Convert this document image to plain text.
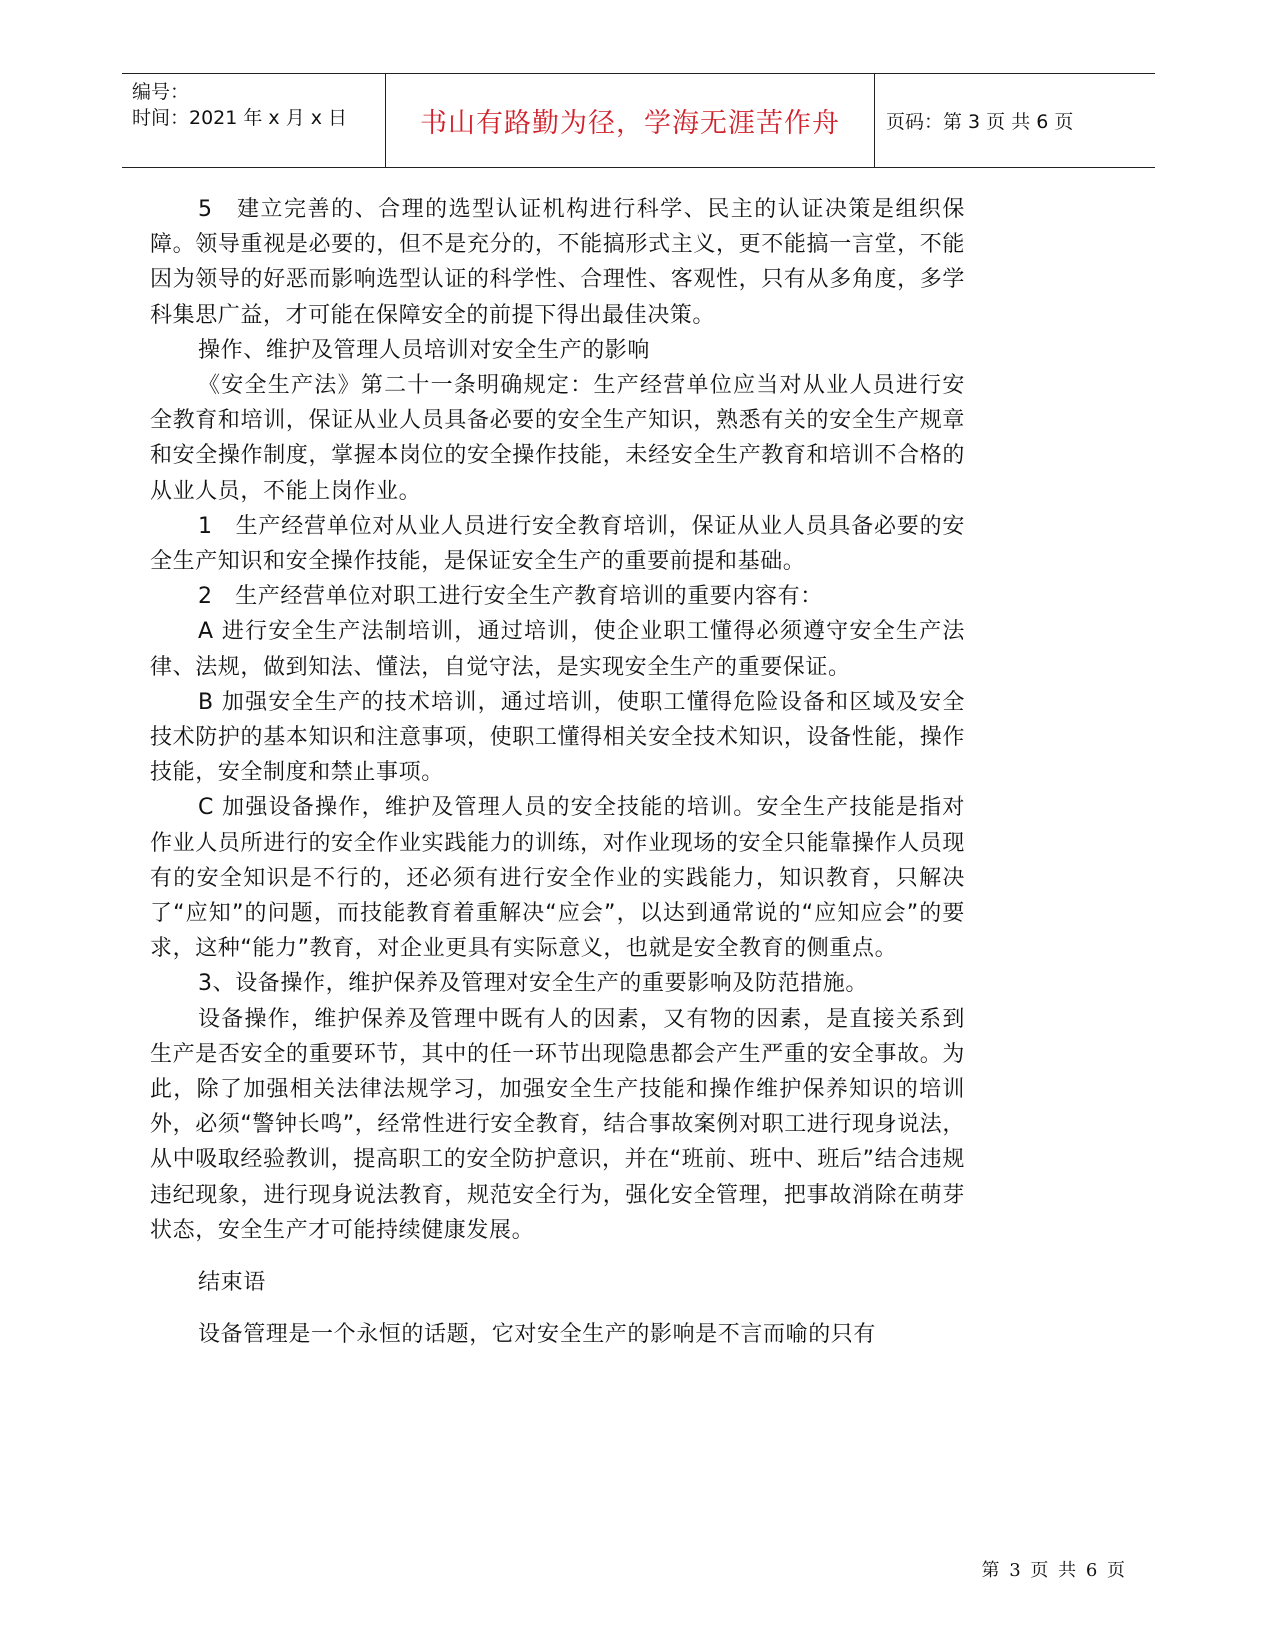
编号：
时间：2021 年 x 月 x 日	书山有路勤为径，学海无涯苦作舟 页码：第 3 页 共 6 页

5　建立完善的、合理的选型认证机构进行科学、民主的认证决策是组织保障。领导重视是必要的，但不是充分的，不能搞形式主义，更不能搞一言堂，不能因为领导的好恶而影响选型认证的科学性、合理性、客观性，只有从多角度，多学科集思广益，才可能在保障安全的前提下得出最佳决策。

操作、维护及管理人员培训对安全生产的影响

《安全生产法》第二十一条明确规定：生产经营单位应当对从业人员进行安全教育和培训，保证从业人员具备必要的安全生产知识，熟悉有关的安全生产规章和安全操作制度，掌握本岗位的安全操作技能，未经安全生产教育和培训不合格的从业人员，不能上岗作业。

1　生产经营单位对从业人员进行安全教育培训，保证从业人员具备必要的安全生产知识和安全操作技能，是保证安全生产的重要前提和基础。

2　生产经营单位对职工进行安全生产教育培训的重要内容有：

A 进行安全生产法制培训，通过培训，使企业职工懂得必须遵守安全生产法律、法规，做到知法、懂法，自觉守法，是实现安全生产的重要保证。

B 加强安全生产的技术培训，通过培训，使职工懂得危险设备和区域及安全技术防护的基本知识和注意事项，使职工懂得相关安全技术知识，设备性能，操作技能，安全制度和禁止事项。

C 加强设备操作，维护及管理人员的安全技能的培训。安全生产技能是指对作业人员所进行的安全作业实践能力的训练，对作业现场的安全只能靠操作人员现有的安全知识是不行的，还必须有进行安全作业的实践能力，知识教育，只解决了“应知”的问题，而技能教育着重解决“应会”，以达到通常说的“应知应会”的要求，这种“能力”教育，对企业更具有实际意义，也就是安全教育的侧重点。

3、设备操作，维护保养及管理对安全生产的重要影响及防范措施。

设备操作，维护保养及管理中既有人的因素，又有物的因素，是直接关系到生产是否安全的重要环节，其中的任一环节出现隐患都会产生严重的安全事故。为此，除了加强相关法律法规学习，加强安全生产技能和操作维护保养知识的培训外，必须“警钟长鸣”，经常性进行安全教育，结合事故案例对职工进行现身说法，从中吸取经验教训，提高职工的安全防护意识，并在“班前、班中、班后”结合违规违纪现象，进行现身说法教育，规范安全行为，强化安全管理，把事故消除在萌芽状态，安全生产才可能持续健康发展。

结束语

设备管理是一个永恒的话题，它对安全生产的影响是不言而喻的只有

第 3 页 共 6 页
